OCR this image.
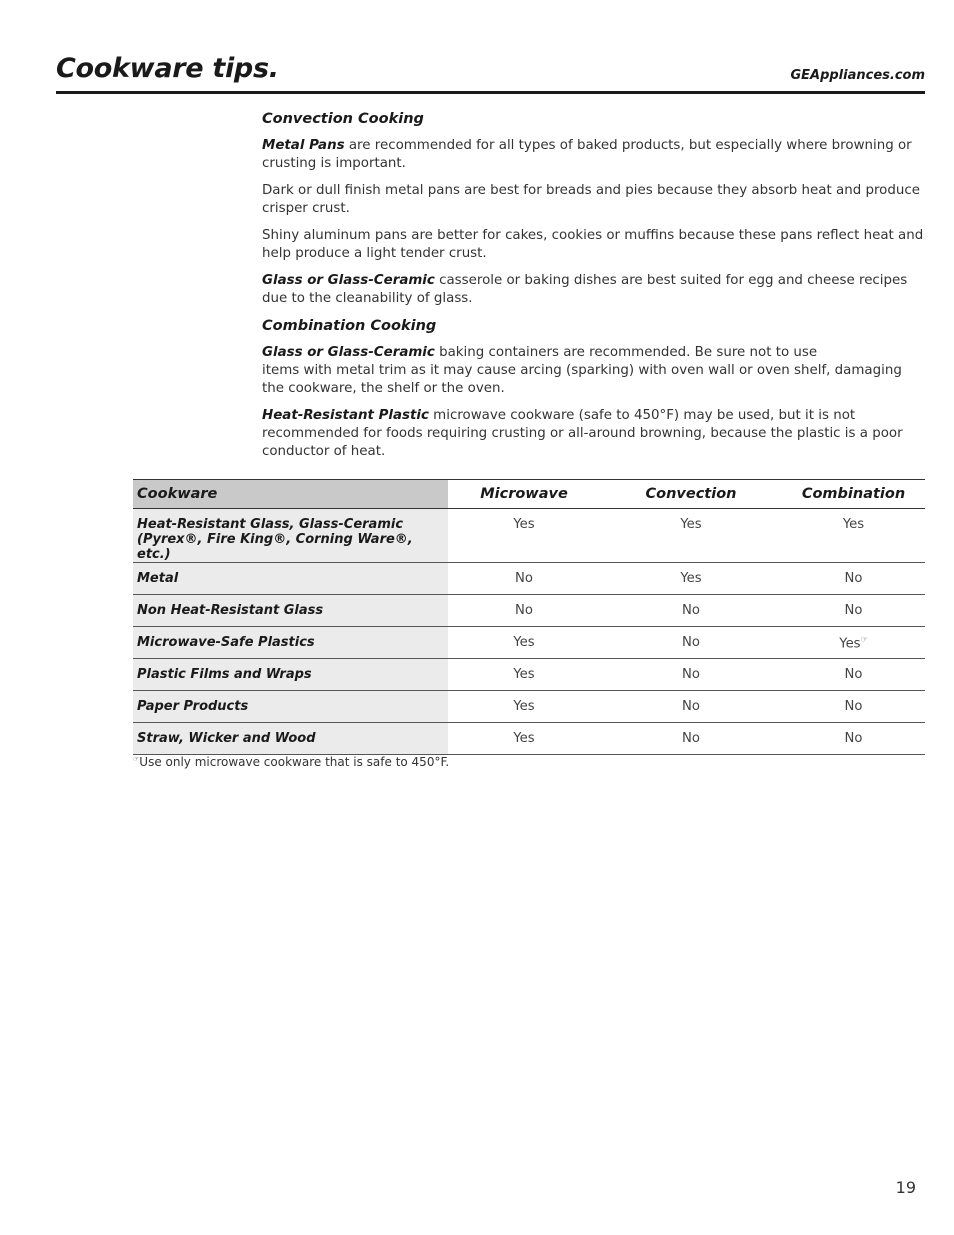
Cookware tips.	GEAppliances.com
Convection Cooking

Metal Pans are recommended for all types of baked products, but especially where browning or crusting is important.

Dark or dull finish metal pans are best for breads and pies because they absorb heat and produce crisper crust.

Shiny aluminum pans are better for cakes, cookies or muffins because these pans reflect heat and help produce a light tender crust.

Glass or Glass-Ceramic casserole or baking dishes are best suited for egg and cheese recipes due to the cleanability of glass.

Combination Cooking

Glass or Glass-Ceramic baking containers are recommended. Be sure not to use
items with metal trim as it may cause arcing (sparking) with oven wall or oven shelf, damaging the cookware, the shelf or the oven.

Heat-Resistant Plastic microwave cookware (safe to 450°F) may be used, but it is not recommended for foods requiring crusting or all-around browning, because the plastic is a poor conductor of heat.

Cookware	Microwave	Convection	Combination
Heat-Resistant Glass, Glass-Ceramic
(Pyrex®, Fire King®, Corning Ware®, etc.)	Yes	Yes	Yes
Metal	No	Yes	No
Non Heat-Resistant Glass	No	No	No
Microwave-Safe Plastics	Yes	No	Yes☞
Plastic Films and Wraps	Yes	No	No
Paper Products	Yes	No	No
Straw, Wicker and Wood	Yes	No	No
☞Use only microwave cookware that is safe to 450°F.
19
